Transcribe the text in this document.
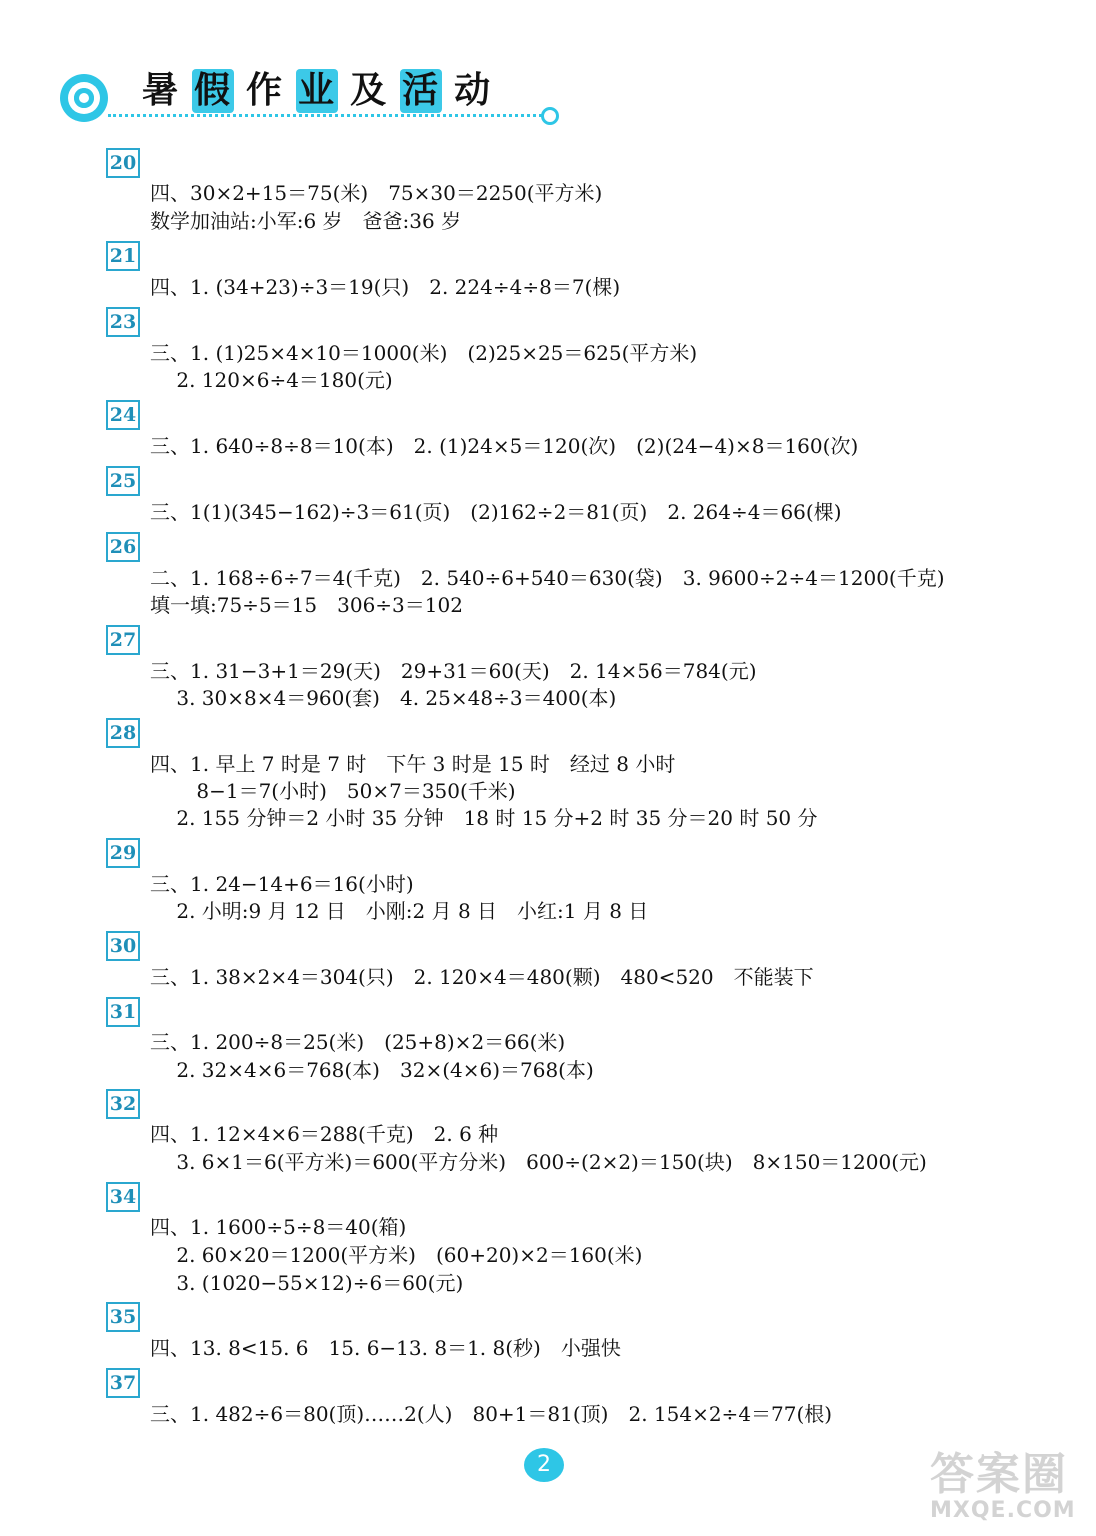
暑 假 作 业 及 活 动
20
四、30×2+15＝75(米)　75×30＝2250(平方米)
数学加油站:小军:6 岁　爸爸:36 岁
21
四、1. (34+23)÷3＝19(只)　2. 224÷4÷8＝7(棵)
23
三、1. (1)25×4×10＝1000(米)　(2)25×25＝625(平方米)
　 2. 120×6÷4＝180(元)
24
三、1. 640÷8÷8＝10(本)　2. (1)24×5＝120(次)　(2)(24−4)×8＝160(次)
25
三、1(1)(345−162)÷3＝61(页)　(2)162÷2＝81(页)　2. 264÷4＝66(棵)
26
二、1. 168÷6÷7＝4(千克)　2. 540÷6+540＝630(袋)　3. 9600÷2÷4＝1200(千克)
填一填:75÷5＝15　306÷3＝102
27
三、1. 31−3+1＝29(天)　29+31＝60(天)　2. 14×56＝784(元)
　 3. 30×8×4＝960(套)　4. 25×48÷3＝400(本)
28
四、1. 早上 7 时是 7 时　下午 3 时是 15 时　经过 8 小时
　　 8−1＝7(小时)　50×7＝350(千米)
　 2. 155 分钟＝2 小时 35 分钟　18 时 15 分+2 时 35 分＝20 时 50 分
29
三、1. 24−14+6＝16(小时)
　 2. 小明:9 月 12 日　小刚:2 月 8 日　小红:1 月 8 日
30
三、1. 38×2×4＝304(只)　2. 120×4＝480(颗)　480<520　不能装下
31
三、1. 200÷8＝25(米)　(25+8)×2＝66(米)
　 2. 32×4×6＝768(本)　32×(4×6)＝768(本)
32
四、1. 12×4×6＝288(千克)　2. 6 种
　 3. 6×1＝6(平方米)＝600(平方分米)　600÷(2×2)＝150(块)　8×150＝1200(元)
34
四、1. 1600÷5÷8＝40(箱)
　 2. 60×20＝1200(平方米)　(60+20)×2＝160(米)
　 3. (1020−55×12)÷6＝60(元)
35
四、13. 8<15. 6　15. 6−13. 8＝1. 8(秒)　小强快
37
三、1. 482÷6＝80(顶)……2(人)　80+1＝81(顶)　2. 154×2÷4＝77(根)
2	答案圈
MXQE.COM
